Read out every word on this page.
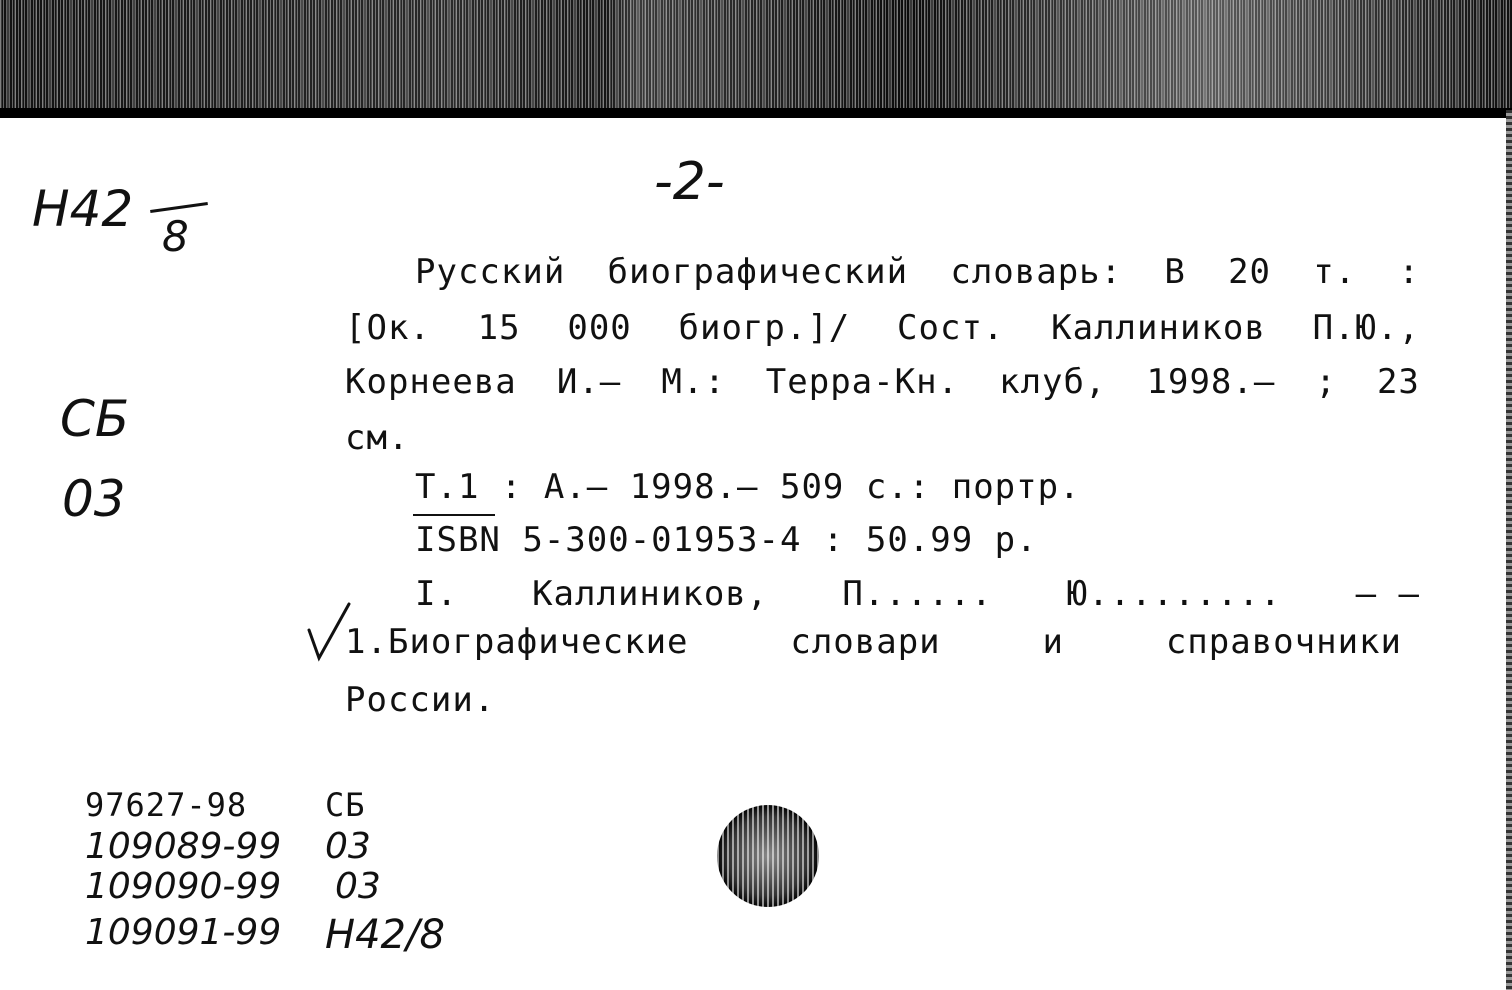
Н42 8
СБ
03
-2-
Русский биографический словарь: В 20 т. :
[Ок. 15 000 биогр.]/ Сост. Каллиников П.Ю.,
Корнеева И.– М.: Терра-Кн. клуб, 1998.– ; 23
см.
Т.1 : А.– 1998.– 509 с.: портр.
ISBN 5-300-01953-4 : 50.99 р.
I. Каллиников, П...... Ю......... – –
1.Биографические	словари	и	справочники
России.
97627-98 СБ
109089-99 03
109090-99 03
109091-99 Н42/8
